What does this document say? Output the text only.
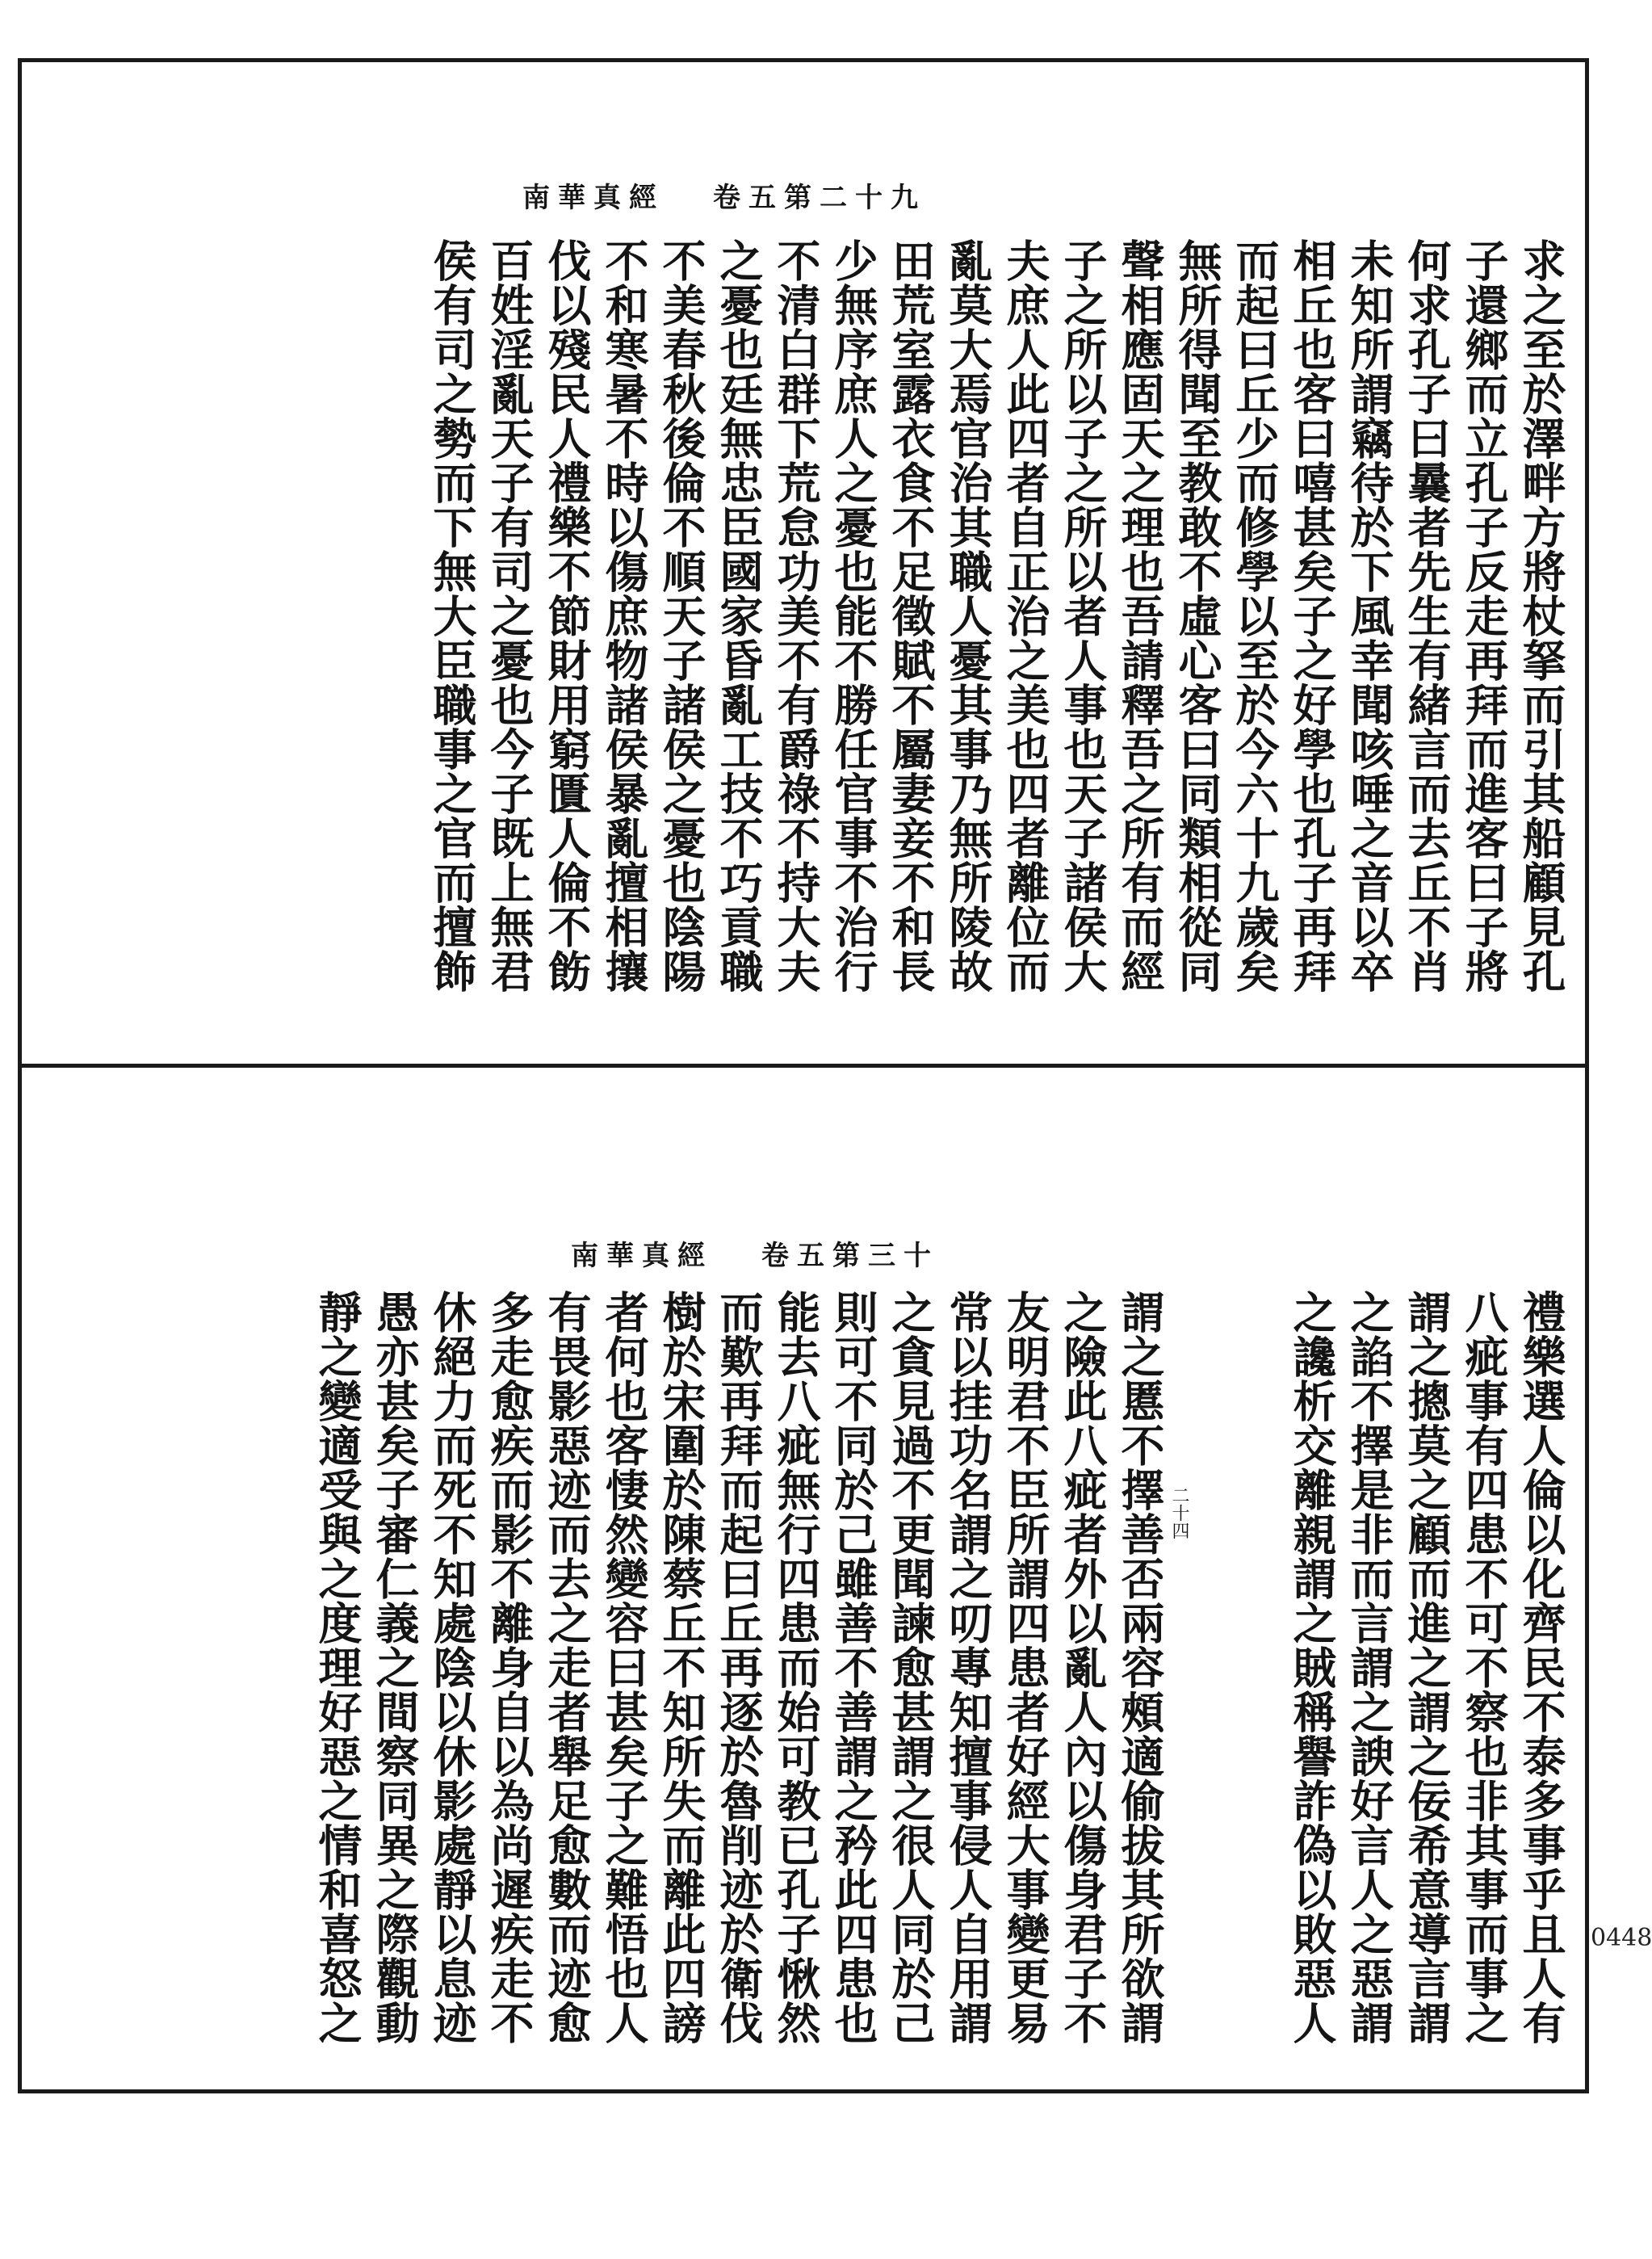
南華真經 卷五第二十九
求之至於澤畔方將杖拏而引其船顧見孔
子還鄉而立孔子反走再拜而進客曰子將
何求孔子曰曩者先生有緒言而去丘不肖
未知所謂竊待於下風幸聞咳唾之音以卒
相丘也客曰嘻甚矣子之好學也孔子再拜
而起曰丘少而修學以至於今六十九歲矣
無所得聞至教敢不虛心客曰同類相從同
聲相應固天之理也吾請釋吾之所有而經
子之所以子之所以者人事也天子諸侯大
夫庶人此四者自正治之美也四者離位而
亂莫大焉官治其職人憂其事乃無所陵故
田荒室露衣食不足徵賦不屬妻妾不和長
少無序庶人之憂也能不勝任官事不治行
不清白群下荒怠功美不有爵祿不持大夫
之憂也廷無忠臣國家昏亂工技不巧貢職
不美春秋後倫不順天子諸侯之憂也陰陽
不和寒暑不時以傷庶物諸侯暴亂擅相攘
伐以殘民人禮樂不節財用窮匱人倫不飭
百姓淫亂天子有司之憂也今子既上無君
侯有司之勢而下無大臣職事之官而擅飾
南華真經 卷五第三十
禮樂選人倫以化齊民不泰多事乎且人有
八疵事有四患不可不察也非其事而事之
謂之摠莫之顧而進之謂之佞希意導言謂
之諂不擇是非而言謂之諛好言人之惡謂
之讒析交離親謂之賊稱譽詐偽以敗惡人
二十四
謂之慝不擇善否兩容頰適偷拔其所欲謂
之險此八疵者外以亂人內以傷身君子不
友明君不臣所謂四患者好經大事變更易
常以挂功名謂之叨專知擅事侵人自用謂
之貪見過不更聞諫愈甚謂之很人同於己
則可不同於己雖善不善謂之矜此四患也
能去八疵無行四患而始可教已孔子愀然
而歎再拜而起曰丘再逐於魯削迹於衛伐
樹於宋圍於陳蔡丘不知所失而離此四謗
者何也客悽然變容曰甚矣子之難悟也人
有畏影惡迹而去之走者舉足愈數而迹愈
多走愈疾而影不離身自以為尚遲疾走不
休絕力而死不知處陰以休影處靜以息迹
愚亦甚矣子審仁義之間察同異之際觀動
靜之變適受與之度理好惡之情和喜怒之	0448
